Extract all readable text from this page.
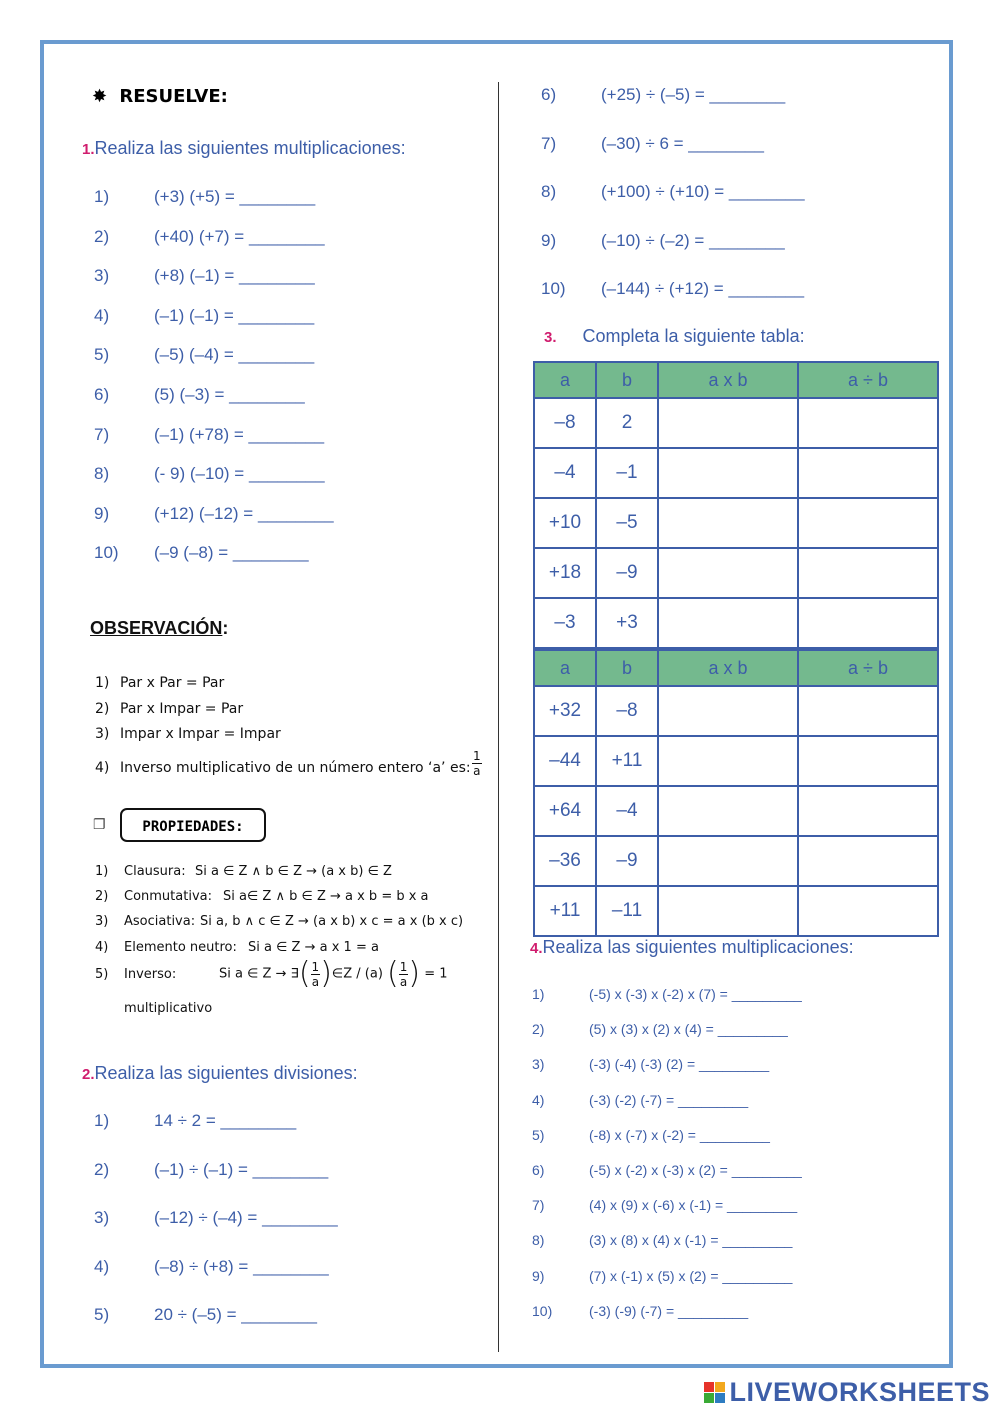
✸ RESUELVE:
1.Realiza las siguientes multiplicaciones:
1)	(+3) (+5) = ________
2)	(+40) (+7) = ________
3)	(+8) (–1) = ________
4)	(–1) (–1) = ________
5)	(–5) (–4) = ________
6)	(5) (–3) = ________
7)	(–1) (+78) = ________
8)	(- 9) (–10) = ________
9)	(+12) (–12) = ________
10) (–9 (–8) = ________
OBSERVACIÓN:
1) Par x Par = Par
2) Par x Impar = Par
3) Impar x Impar = Impar
4) Inverso multiplicativo de un número entero ‘a’ es: $\frac{1}{a}$
❐	PROPIEDADES:
1) Clausura: Si a ∈ Z ∧ b ∈ Z → (a x b) ∈ Z
2) Conmutativa: Si a∈ Z ∧ b ∈ Z → a x b = b x a
3) Asociativa: Si a, b ∧ c ∈ Z → (a x b) x c = a x (b x c)
4) Elemento neutro: Si a ∈ Z → a x 1 = a
5) Inverso:
multiplicativo
Si a ∈ Z → ∃( $\frac{1}{a}$ )∈Z / (a) ( $\frac{1}{a}$ ) = 1
2.Realiza las siguientes divisiones:
1)	14 ÷ 2 = ________
2)	(–1) ÷ (–1) = ________
3)	(–12) ÷ (–4) = ________
4)	(–8) ÷ (+8) = ________
5)	20 ÷ (–5) = ________
6)	(+25) ÷ (–5) = ________
7)	(–30) ÷ 6 = ________
8)	(+100) ÷ (+10) = ________
9)	(–10) ÷ (–2) = ________
10) (–144) ÷ (+12) = ________
3. Completa la siguiente tabla:
a	b	a x b	a ÷ b
–8	2		
–4	–1		
+10	–5		
+18	–9		
–3	+3		
a	b	a x b	a ÷ b
+32	–8		
–44	+11		
+64	–4		
–36	–9		
+11	–11		
4.Realiza las siguientes multiplicaciones:
1)	(-5) x (-3) x (-2) x (7) = _________
2)	(5) x (3) x (2) x (4) = _________
3)	(-3) (-4) (-3) (2) = _________
4)	(-3) (-2) (-7) = _________
5)	(-8) x (-7) x (-2) = _________
6)	(-5) x (-2) x (-3) x (2) = _________
7)	(4) x (9) x (-6) x (-1) = _________
8)	(3) x (8) x (4) x (-1) = _________
9)	(7) x (-1) x (5) x (2) = _________
10)	(-3) (-9) (-7) = _________
LIVEWORKSHEETS
